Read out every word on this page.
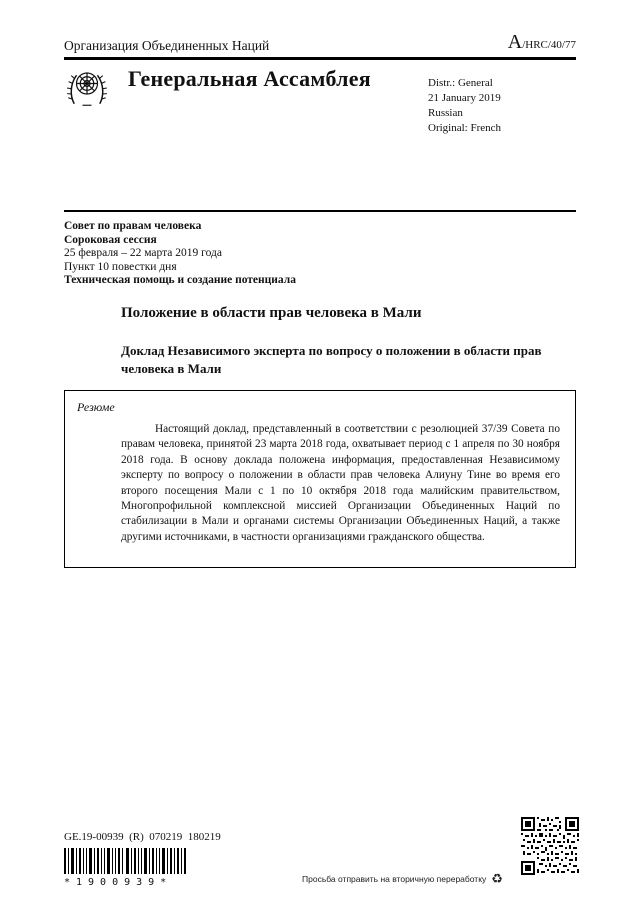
Организация Объединенных Наций	A/HRC/40/77
Генеральная Ассамблея	Distr.: General
21 January 2019
Russian
Original: French
Совет по правам человека
Сороковая сессия
25 февраля – 22 марта 2019 года
Пункт 10 повестки дня
Техническая помощь и создание потенциала
Положение в области прав человека в Мали
Доклад Независимого эксперта по вопросу о положении в области прав человека в Мали
Резюме
Настоящий доклад, представленный в соответствии с резолюцией 37/39 Совета по правам человека, принятой 23 марта 2018 года, охватывает период с 1 апреля по 30 ноября 2018 года. В основу доклада положена информация, предоставленная Независимому эксперту по вопросу о положении в области прав человека Алиуну Тине во время его второго посещения Мали с 1 по 10 октября 2018 года малийским правительством, Многопрофильной комплексной миссией Организации Объединенных Наций по стабилизации в Мали и органами системы Организации Объединенных Наций, а также другими источниками, в частности организациями гражданского общества.
GE.19-00939  (R)  070219  180219
*1900939*	Просьба отправить на вторичную переработку ♻
